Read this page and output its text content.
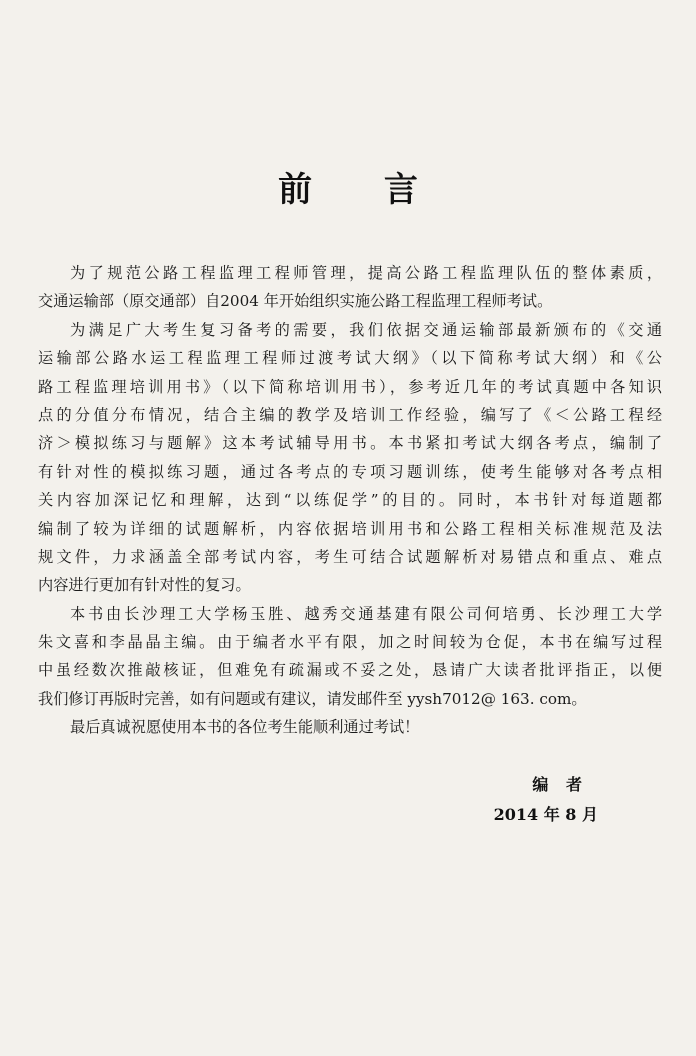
前 言
为了规范公路工程监理工程师管理，提高公路工程监理队伍的整体素质，
交通运输部（原交通部）自2004 年开始组织实施公路工程监理工程师考试。
为满足广大考生复习备考的需要，我们依据交通运输部最新颁布的《交通
运输部公路水运工程监理工程师过渡考试大纲》（以下简称考试大纲）和《公
路工程监理培训用书》（以下简称培训用书），参考近几年的考试真题中各知识
点的分值分布情况，结合主编的教学及培训工作经验，编写了《＜公路工程经
济＞模拟练习与题解》这本考试辅导用书。本书紧扣考试大纲各考点，编制了
有针对性的模拟练习题，通过各考点的专项习题训练，使考生能够对各考点相
关内容加深记忆和理解，达到“以练促学”的目的。同时，本书针对每道题都
编制了较为详细的试题解析，内容依据培训用书和公路工程相关标准规范及法
规文件，力求涵盖全部考试内容，考生可结合试题解析对易错点和重点、难点
内容进行更加有针对性的复习。
本书由长沙理工大学杨玉胜、越秀交通基建有限公司何培勇、长沙理工大学
朱文喜和李晶晶主编。由于编者水平有限，加之时间较为仓促，本书在编写过程
中虽经数次推敲核证，但难免有疏漏或不妥之处，恳请广大读者批评指正，以便
我们修订再版时完善，如有问题或有建议，请发邮件至 yysh7012@ 163. com。
最后真诚祝愿使用本书的各位考生能顺利通过考试！
编 者
2014 年 8 月
